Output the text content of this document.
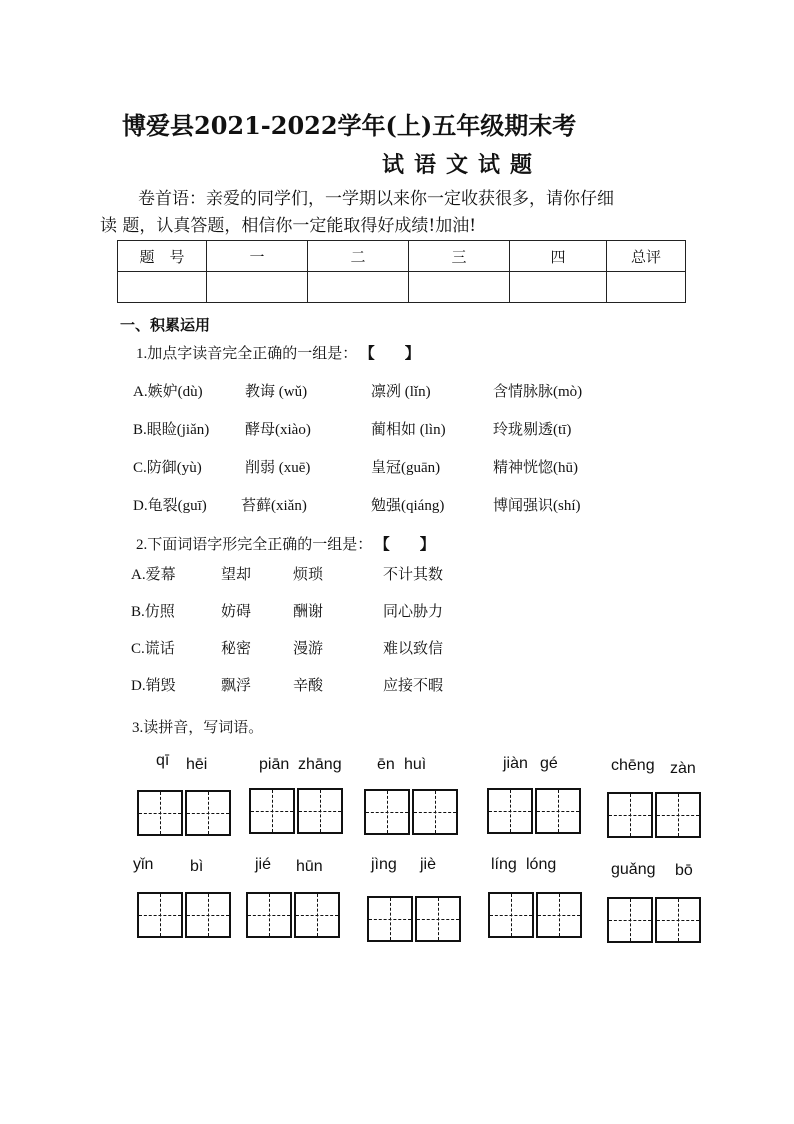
博爱县2021-2022学年(上)五年级期末考
试语文试题
卷首语：亲爱的同学们，一学期以来你一定收获很多，请你仔细
读 题，认真答题，相信你一定能取得好成绩!加油!
题　号	一	二	三	四	总评

一、积累运用
1.加点字读音完全正确的一组是： 【　　】
A.嫉妒(dù)	教诲 (wǔ)	凛冽 (lǐn)	含情脉脉(mò)
B.眼睑(jiǎn) 酵母(xiào)	蔺相如 (lìn)	玲珑剔透(tī)
C.防御(yù)	削弱 (xuē)	皇冠(guān)	精神恍惚(hū)
D.龟裂(guī) 苔藓(xiǎn)	勉强(qiáng)	博闻强识(shí)
2.下面词语字形完全正确的一组是： 【　　】
A.爱幕	望却	烦琐	不计其数
B.仿照	妨碍	酬谢	同心胁力
C.谎话	秘密	漫游	难以致信
D.销毁	飘浮	辛酸	应接不暇
3.读拼音，写词语。
qī hēi	piān zhāng ēn huì	jiàn gé	chēng zàn
yǐn bì	jié hūn	jìng jiè	líng lóng	guǎng bō
